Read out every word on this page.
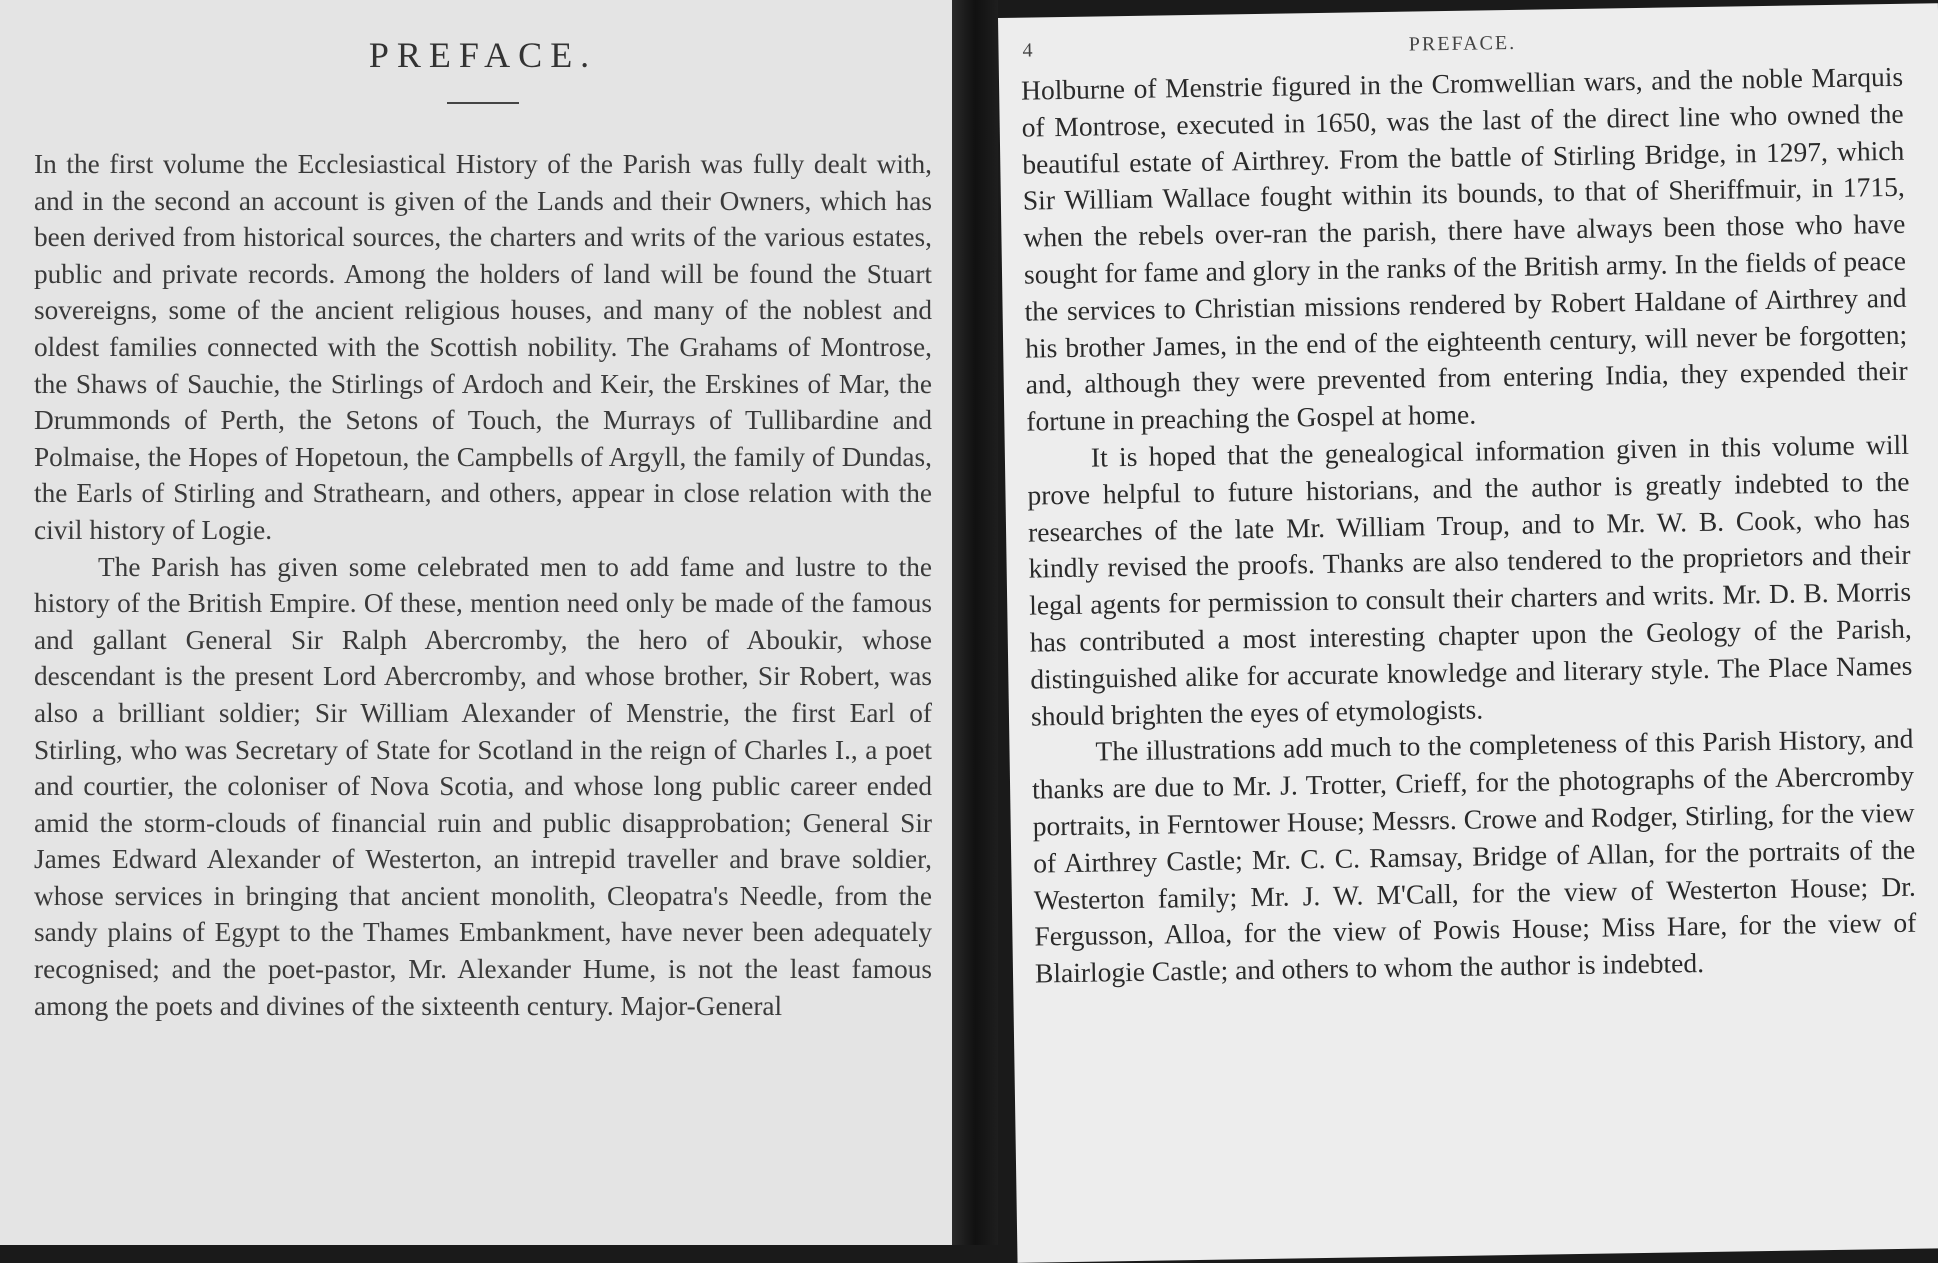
PREFACE.

In the first volume the Ecclesiastical History of the Parish was fully dealt with, and in the second an account is given of the Lands and their Owners, which has been derived from historical sources, the charters and writs of the various estates, public and private records. Among the holders of land will be found the Stuart sovereigns, some of the ancient religious houses, and many of the noblest and oldest families connected with the Scottish nobility. The Grahams of Montrose, the Shaws of Sauchie, the Stirlings of Ardoch and Keir, the Erskines of Mar, the Drummonds of Perth, the Setons of Touch, the Murrays of Tullibardine and Polmaise, the Hopes of Hopetoun, the Campbells of Argyll, the family of Dundas, the Earls of Stirling and Strathearn, and others, appear in close relation with the civil history of Logie.

The Parish has given some celebrated men to add fame and lustre to the history of the British Empire. Of these, mention need only be made of the famous and gallant General Sir Ralph Abercromby, the hero of Aboukir, whose descendant is the present Lord Abercromby, and whose brother, Sir Robert, was also a brilliant soldier; Sir William Alexander of Menstrie, the first Earl of Stirling, who was Secretary of State for Scotland in the reign of Charles I., a poet and courtier, the coloniser of Nova Scotia, and whose long public career ended amid the storm-clouds of financial ruin and public disapprobation; General Sir James Edward Alexander of Westerton, an intrepid traveller and brave soldier, whose services in bringing that ancient monolith, Cleopatra's Needle, from the sandy plains of Egypt to the Thames Embankment, have never been adequately recognised; and the poet-pastor, Mr. Alexander Hume, is not the least famous among the poets and divines of the sixteenth century. Major-General

4	PREFACE.

Holburne of Menstrie figured in the Cromwellian wars, and the noble Marquis of Montrose, executed in 1650, was the last of the direct line who owned the beautiful estate of Airthrey. From the battle of Stirling Bridge, in 1297, which Sir William Wallace fought within its bounds, to that of Sheriffmuir, in 1715, when the rebels over-ran the parish, there have always been those who have sought for fame and glory in the ranks of the British army. In the fields of peace the services to Christian missions rendered by Robert Haldane of Airthrey and his brother James, in the end of the eighteenth century, will never be forgotten; and, although they were prevented from entering India, they expended their fortune in preaching the Gospel at home.

It is hoped that the genealogical information given in this volume will prove helpful to future historians, and the author is greatly indebted to the researches of the late Mr. William Troup, and to Mr. W. B. Cook, who has kindly revised the proofs. Thanks are also tendered to the proprietors and their legal agents for permission to consult their charters and writs. Mr. D. B. Morris has contributed a most interesting chapter upon the Geology of the Parish, distinguished alike for accurate knowledge and literary style. The Place Names should brighten the eyes of etymologists.

The illustrations add much to the completeness of this Parish History, and thanks are due to Mr. J. Trotter, Crieff, for the photographs of the Abercromby portraits, in Ferntower House; Messrs. Crowe and Rodger, Stirling, for the view of Airthrey Castle; Mr. C. C. Ramsay, Bridge of Allan, for the portraits of the Westerton family; Mr. J. W. M'Call, for the view of Westerton House; Dr. Fergusson, Alloa, for the view of Powis House; Miss Hare, for the view of Blairlogie Castle; and others to whom the author is indebted.
